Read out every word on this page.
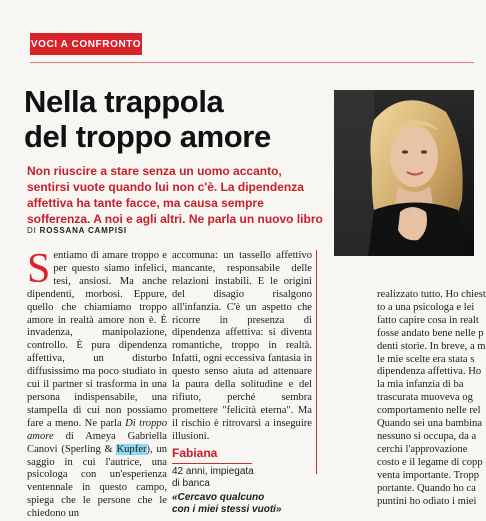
VOCI A CONFRONTO
Nella trappola
del troppo amore
Non riuscire a stare senza un uomo accanto, sentirsi vuote quando lui non c'è. La dipendenza affettiva ha tante facce, ma causa sempre sofferenza. A noi e agli altri. Ne parla un nuovo libro
DI ROSSANA CAMPISI

Sentiamo di amare troppo e per questo siamo infelici, tesi, ansiosi. Ma anche dipendenti, morbosi. Eppure, quello che chiamiamo troppo amore in realtà amore non è. È invadenza, manipolazione, controllo. È pura dipendenza affettiva, un disturbo diffusissimo ma poco studiato in cui il partner si trasforma in una persona indispensabile, una stampella di cui non possiamo fare a meno. Ne parla Di troppo amore di Ameya Gabriella Canovi (Sperling & Kupfer), un saggio in cui l'autrice, una psicologa con un'esperienza ventennale in questo campo, spiega che le persone che le chiedono un

accomuna: un tassello affettivo mancante, responsabile delle relazioni instabili. E le origini del disagio risalgono all'infanzia. C'è un aspetto che ricorre in presenza di dipendenza affettiva: si diventa romantiche, troppo in realtà. Infatti, ogni eccessiva fantasia in questo senso aiuta ad attenuare la paura della solitudine e del rifiuto, perché sembra promettere "felicità eterna". Ma il rischio è ritrovarsi a inseguire illusioni.

Fabiana
42 anni, impiegata
di banca
«Cercavo qualcuno
con i miei stessi vuoti»
realizzato tutto. Ho chiest
to a una psicologa e lei
fatto capire cosa in realt
fosse andato bene nelle p
denti storie. In breve, a m
le mie scelte era stata s
dipendenza affettiva. Ho
la mia infanzia di ba
trascurata muoveva og
comportamento nelle rel
Quando sei una bambina
nessuno si occupa, da a
cerchi l'approvazione
costo e il legame di copp
venta importante. Tropp
portante. Quando ho ca
puntini ho odiato i miei
